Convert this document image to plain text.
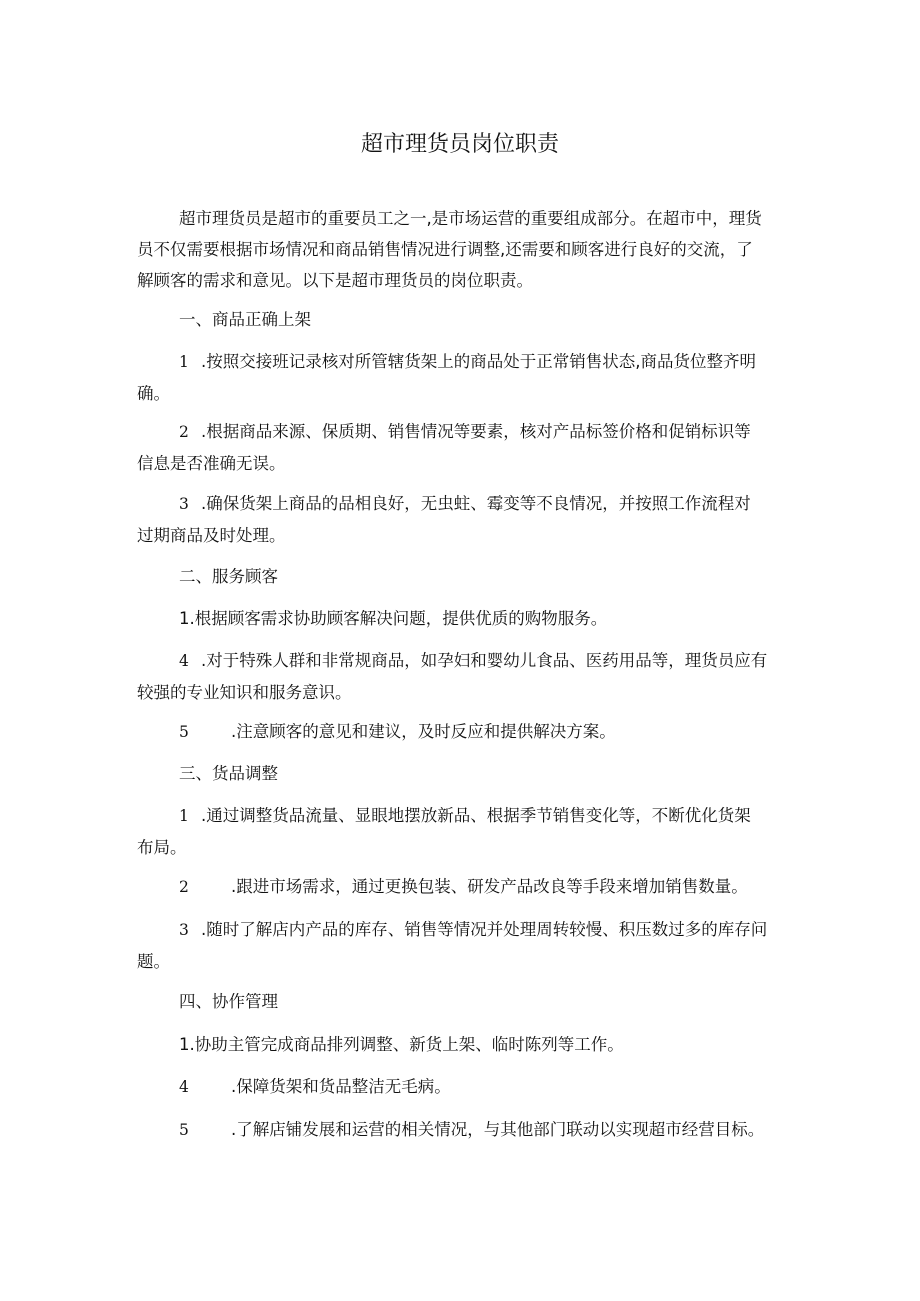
超市理货员岗位职责
超市理货员是超市的重要员工之一,是市场运营的重要组成部分。在超市中，理货
员不仅需要根据市场情况和商品销售情况进行调整,还需要和顾客进行良好的交流，了
解顾客的需求和意见。以下是超市理货员的岗位职责。
一、商品正确上架
1 .按照交接班记录核对所管辖货架上的商品处于正常销售状态,商品货位整齐明
确。
2 .根据商品来源、保质期、销售情况等要素，核对产品标签价格和促销标识等
信息是否准确无误。
3 .确保货架上商品的品相良好，无虫蛀、霉变等不良情况，并按照工作流程对
过期商品及时处理。
二、服务顾客
1.根据顾客需求协助顾客解决问题，提供优质的购物服务。
4 .对于特殊人群和非常规商品，如孕妇和婴幼儿食品、医药用品等，理货员应有
较强的专业知识和服务意识。
5	.注意顾客的意见和建议，及时反应和提供解决方案。
三、货品调整
1 .通过调整货品流量、显眼地摆放新品、根据季节销售变化等，不断优化货架
布局。
2	.跟进市场需求，通过更换包装、研发产品改良等手段来增加销售数量。
3 .随时了解店内产品的库存、销售等情况并处理周转较慢、积压数过多的库存问
题。
四、协作管理
1.协助主管完成商品排列调整、新货上架、临时陈列等工作。
4	.保障货架和货品整洁无毛病。
5	.了解店铺发展和运营的相关情况，与其他部门联动以实现超市经营目标。
